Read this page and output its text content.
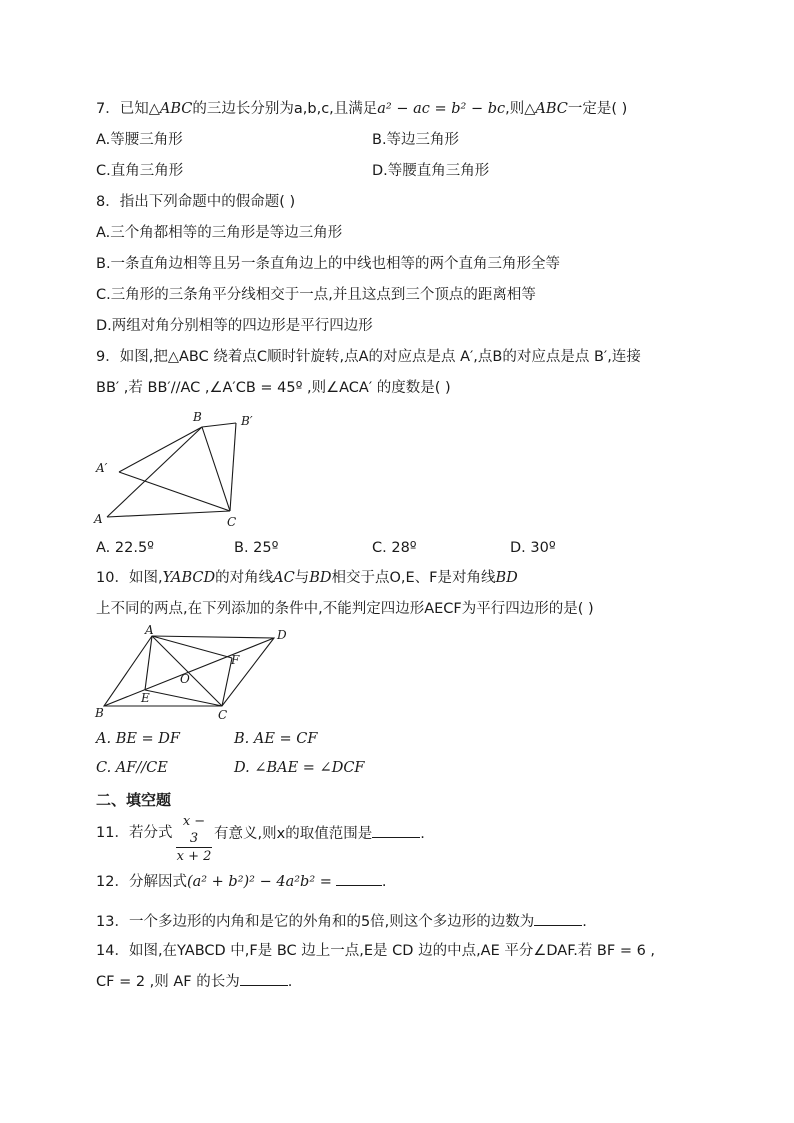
7．已知△ABC的三边长分别为a,b,c,且满足a² − ac = b² − bc,则△ABC一定是( )
A.等腰三角形	B.等边三角形
C.直角三角形	D.等腰直角三角形
8．指出下列命题中的假命题( )
A.三个角都相等的三角形是等边三角形
B.一条直角边相等且另一条直角边上的中线也相等的两个直角三角形全等
C.三角形的三条角平分线相交于一点,并且这点到三个顶点的距离相等
D.两组对角分别相等的四边形是平行四边形
9．如图,把△ABC 绕着点C顺时针旋转,点A的对应点是点 A′,点B的对应点是点 B′,连接
BB′ ,若 BB′//AC ,∠A′CB = 45º ,则∠ACA′ 的度数是( )
B	B′
A′
A	C
A. 22.5º	B. 25º	C. 28º	D. 30º
10．如图,YABCD的对角线AC与BD相交于点O,E、F是对角线BD
上不同的两点,在下列添加的条件中,不能判定四边形AECF为平行四边形的是( )
A	D
F
O
E
B	C
A. BE = DF	B. AE = CF
C. AF//CE	D. ∠BAE = ∠DCF
二、填空题
11．若分式 $\frac{x - 3}{x + 2}$ 有意义,则x的取值范围是	.
12．分解因式(a² + b²)² − 4a²b² =	.
13．一个多边形的内角和是它的外角和的5倍,则这个多边形的边数为	.
14．如图,在YABCD 中,F是 BC 边上一点,E是 CD 边的中点,AE 平分∠DAF.若 BF = 6 ,
CF = 2 ,则 AF 的长为	.
